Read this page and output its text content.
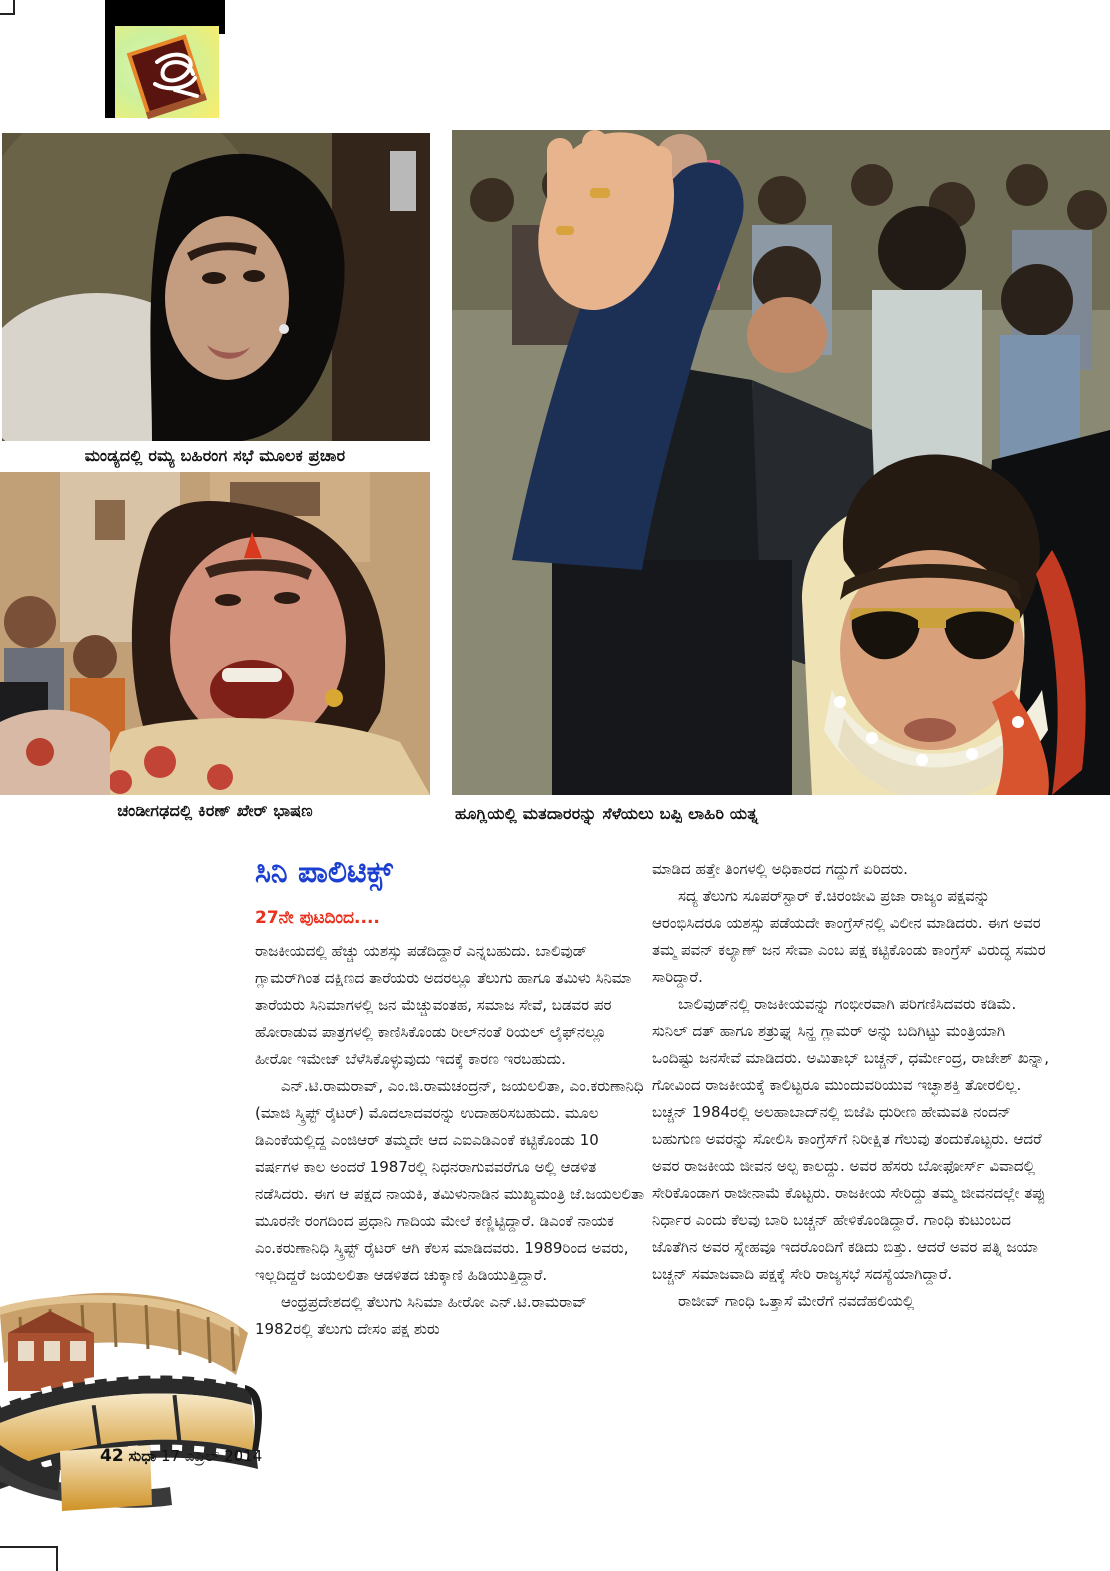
ಮಂಡ್ಯದಲ್ಲಿ ರಮ್ಯ ಬಹಿರಂಗ ಸಭೆ ಮೂಲಕ ಪ್ರಚಾರ
ಚಂಡೀಗಢದಲ್ಲಿ ಕಿರಣ್ ಖೇರ್ ಭಾಷಣ	ಹೂಗ್ಲಿಯಲ್ಲಿ ಮತದಾರರನ್ನು ಸೆಳೆಯಲು ಬಪ್ಪಿ ಲಾಹಿರಿ ಯತ್ನ
ಸಿನಿ ಪಾಲಿಟಿಕ್ಸ್
27ನೇ ಪುಟದಿಂದ....

ರಾಜಕೀಯದಲ್ಲಿ ಹೆಚ್ಚು ಯಶಸ್ಸು ಪಡೆದಿದ್ದಾರೆ ಎನ್ನಬಹುದು. ಬಾಲಿವುಡ್ ಗ್ಲಾಮರ್‌ಗಿಂತ ದಕ್ಷಿಣದ ತಾರೆಯರು ಅದರಲ್ಲೂ ತೆಲುಗು ಹಾಗೂ ತಮಿಳು ಸಿನಿಮಾ ತಾರೆಯರು ಸಿನಿಮಾಗಳಲ್ಲಿ ಜನ ಮೆಚ್ಚುವಂತಹ, ಸಮಾಜ ಸೇವೆ, ಬಡವರ ಪರ ಹೋರಾಡುವ ಪಾತ್ರಗಳಲ್ಲಿ ಕಾಣಿಸಿಕೊಂಡು ರೀಲ್‌ನಂತೆ ರಿಯಲ್ ಲೈಫ್‌ನಲ್ಲೂ ಹೀರೋ ಇಮೇಜ್ ಬೆಳೆಸಿಕೊಳ್ಳುವುದು ಇದಕ್ಕೆ ಕಾರಣ ಇರಬಹುದು.

ಎನ್.ಟಿ.ರಾಮರಾವ್, ಎಂ.ಜಿ.ರಾಮಚಂದ್ರನ್, ಜಯಲಲಿತಾ, ಎಂ.ಕರುಣಾನಿಧಿ (ಮಾಜಿ ಸ್ಕ್ರಿಪ್ಟ್ ರೈಟರ್) ಮೊದಲಾದವರನ್ನು ಉದಾಹರಿಸಬಹುದು. ಮೂಲ ಡಿಎಂಕೆಯಲ್ಲಿದ್ದ ಎಂಜಿಆರ್ ತಮ್ಮದೇ ಆದ ಎಐಎಡಿಎಂಕೆ ಕಟ್ಟಿಕೊಂಡು 10 ವರ್ಷಗಳ ಕಾಲ ಅಂದರೆ 1987ರಲ್ಲಿ ನಿಧನರಾಗುವವರೆಗೂ ಅಲ್ಲಿ ಆಡಳಿತ ನಡೆಸಿದರು. ಈಗ ಆ ಪಕ್ಷದ ನಾಯಕಿ, ತಮಿಳುನಾಡಿನ ಮುಖ್ಯಮಂತ್ರಿ ಜೆ.ಜಯಲಲಿತಾ ಮೂರನೇ ರಂಗದಿಂದ ಪ್ರಧಾನಿ ಗಾದಿಯ ಮೇಲೆ ಕಣ್ಣಿಟ್ಟಿದ್ದಾರೆ. ಡಿಎಂಕೆ ನಾಯಕ ಎಂ.ಕರುಣಾನಿಧಿ ಸ್ಕ್ರಿಪ್ಟ್ ರೈಟರ್ ಆಗಿ ಕೆಲಸ ಮಾಡಿದವರು. 1989ರಿಂದ ಅವರು, ಇಲ್ಲದಿದ್ದರೆ ಜಯಲಲಿತಾ ಆಡಳಿತದ ಚುಕ್ಕಾಣಿ ಹಿಡಿಯುತ್ತಿದ್ದಾರೆ.

ಆಂಧ್ರಪ್ರದೇಶದಲ್ಲಿ ತೆಲುಗು ಸಿನಿಮಾ ಹೀರೋ ಎನ್.ಟಿ.ರಾಮರಾವ್ 1982ರಲ್ಲಿ ತೆಲುಗು ದೇಸಂ ಪಕ್ಷ ಶುರು

ಮಾಡಿದ ಹತ್ತೇ ತಿಂಗಳಲ್ಲಿ ಅಧಿಕಾರದ ಗದ್ದುಗೆ ಏರಿದರು.

ಸದ್ಯ ತೆಲುಗು ಸೂಪರ್‌ಸ್ಟಾರ್ ಕೆ.ಚಿರಂಜೀವಿ ಪ್ರಜಾ ರಾಜ್ಯಂ ಪಕ್ಷವನ್ನು ಆರಂಭಿಸಿದರೂ ಯಶಸ್ಸು ಪಡೆಯದೇ ಕಾಂಗ್ರೆಸ್‌ನಲ್ಲಿ ವಿಲೀನ ಮಾಡಿದರು. ಈಗ ಅವರ ತಮ್ಮ ಪವನ್ ಕಲ್ಯಾಣ್ ಜನ ಸೇವಾ ಎಂಬ ಪಕ್ಷ ಕಟ್ಟಿಕೊಂಡು ಕಾಂಗ್ರೆಸ್ ವಿರುದ್ಧ ಸಮರ ಸಾರಿದ್ದಾರೆ.

ಬಾಲಿವುಡ್‌ನಲ್ಲಿ ರಾಜಕೀಯವನ್ನು ಗಂಭೀರವಾಗಿ ಪರಿಗಣಿಸಿದವರು ಕಡಿಮೆ. ಸುನಿಲ್ ದತ್ ಹಾಗೂ ಶತ್ರುಘ್ನ ಸಿನ್ಹ ಗ್ಲಾಮರ್ ಅನ್ನು ಬದಿಗಿಟ್ಟು ಮಂತ್ರಿಯಾಗಿ ಒಂದಿಷ್ಟು ಜನಸೇವೆ ಮಾಡಿದರು. ಅಮಿತಾಭ್ ಬಚ್ಚನ್, ಧರ್ಮೇಂದ್ರ, ರಾಜೇಶ್ ಖನ್ನಾ, ಗೋವಿಂದ ರಾಜಕೀಯಕ್ಕೆ ಕಾಲಿಟ್ಟರೂ ಮುಂದುವರಿಯುವ ಇಚ್ಛಾಶಕ್ತಿ ತೋರಲಿಲ್ಲ. ಬಚ್ಚನ್ 1984ರಲ್ಲಿ ಅಲಹಾಬಾದ್‌ನಲ್ಲಿ ಬಿಜೆಪಿ ಧುರೀಣ ಹೇಮವತಿ ನಂದನ್ ಬಹುಗುಣ ಅವರನ್ನು ಸೋಲಿಸಿ ಕಾಂಗ್ರೆಸ್‌ಗೆ ನಿರೀಕ್ಷಿತ ಗೆಲುವು ತಂದುಕೊಟ್ಟರು. ಆದರೆ ಅವರ ರಾಜಕೀಯ ಜೀವನ ಅಲ್ಪ ಕಾಲದ್ದು. ಅವರ ಹೆಸರು ಬೋಫೋರ್ಸ್ ವಿವಾದಲ್ಲಿ ಸೇರಿಕೊಂಡಾಗ ರಾಜೀನಾಮೆ ಕೊಟ್ಟರು. ರಾಜಕೀಯ ಸೇರಿದ್ದು ತಮ್ಮ ಜೀವನದಲ್ಲೇ ತಪ್ಪು ನಿರ್ಧಾರ ಎಂದು ಕೆಲವು ಬಾರಿ ಬಚ್ಚನ್ ಹೇಳಿಕೊಂಡಿದ್ದಾರೆ. ಗಾಂಧಿ ಕುಟುಂಬದ ಜೊತೆಗಿನ ಅವರ ಸ್ನೇಹವೂ ಇದರೊಂದಿಗೆ ಕಡಿದು ಬಿತ್ತು. ಆದರೆ ಅವರ ಪತ್ನಿ ಜಯಾ ಬಚ್ಚನ್ ಸಮಾಜವಾದಿ ಪಕ್ಷಕ್ಕೆ ಸೇರಿ ರಾಜ್ಯಸಭೆ ಸದಸ್ಯೆಯಾಗಿದ್ದಾರೆ.

ರಾಜೀವ್ ಗಾಂಧಿ ಒತ್ತಾಸೆ ಮೇರೆಗೆ ನವದೆಹಲಿಯಲ್ಲಿ

42 ಸುಧಾ 17 ಎಪ್ರಿಲ್ 2014
